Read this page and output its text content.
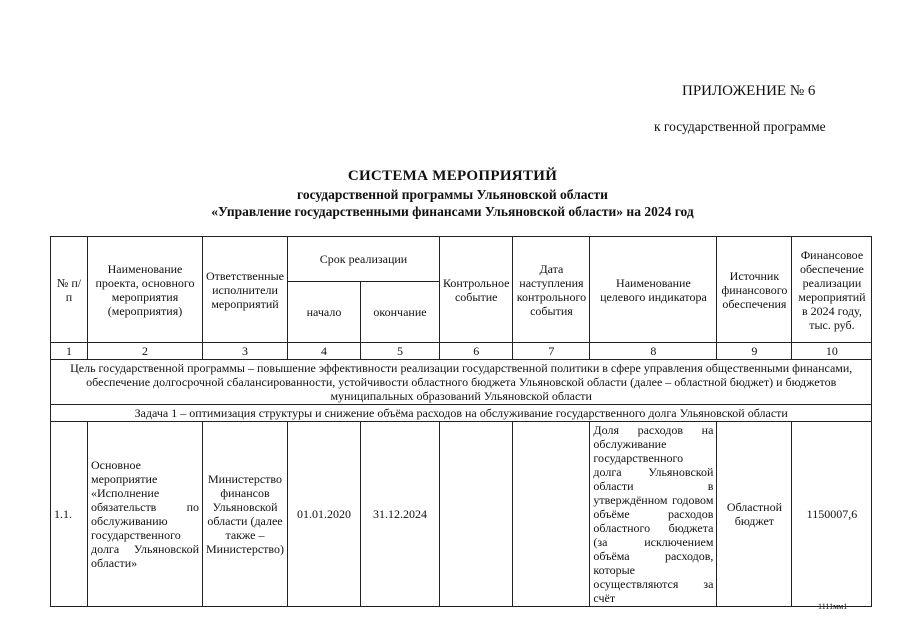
ПРИЛОЖЕНИЕ № 6
к государственной программе
СИСТЕМА МЕРОПРИЯТИЙ
государственной программы Ульяновской области
«Управление государственными финансами Ульяновской области» на 2024 год
№ п/п	Наименование проекта, основного мероприятия (мероприятия)	Ответственные исполнители мероприятий	Срок реализации		Контрольное событие	Дата наступления контрольного события	Наименование целевого индикатора	Источник финансового обеспечения	Финансовое обеспечение реализации мероприятий в 2024 году, тыс. руб.
			начало	окончание					
1	2	3	4	5	6	7	8	9	10
Цель государственной программы – повышение эффективности реализации государственной политики в сфере управления общественными финансами, обеспечение долгосрочной сбалансированности, устойчивости областного бюджета Ульяновской области (далее – областной бюджет) и бюджетов муниципальных образований Ульяновской области									
Задача 1 – оптимизация структуры и снижение объёма расходов на обслуживание государственного долга Ульяновской области									
1.1.	Основное мероприятие «Исполнение обязательств по обслуживанию государственного долга Ульяновской области»	Министерство финансов Ульяновской области (далее также – Министерство)	01.01.2020	31.12.2024			Доля расходов на обслуживание государственного долга Ульяновской области в утверждённом годовом объёме расходов областного бюджета (за исключением объёма расходов, которые осуществляются за счёт	Областной бюджет	1150007,6
1111мм1
